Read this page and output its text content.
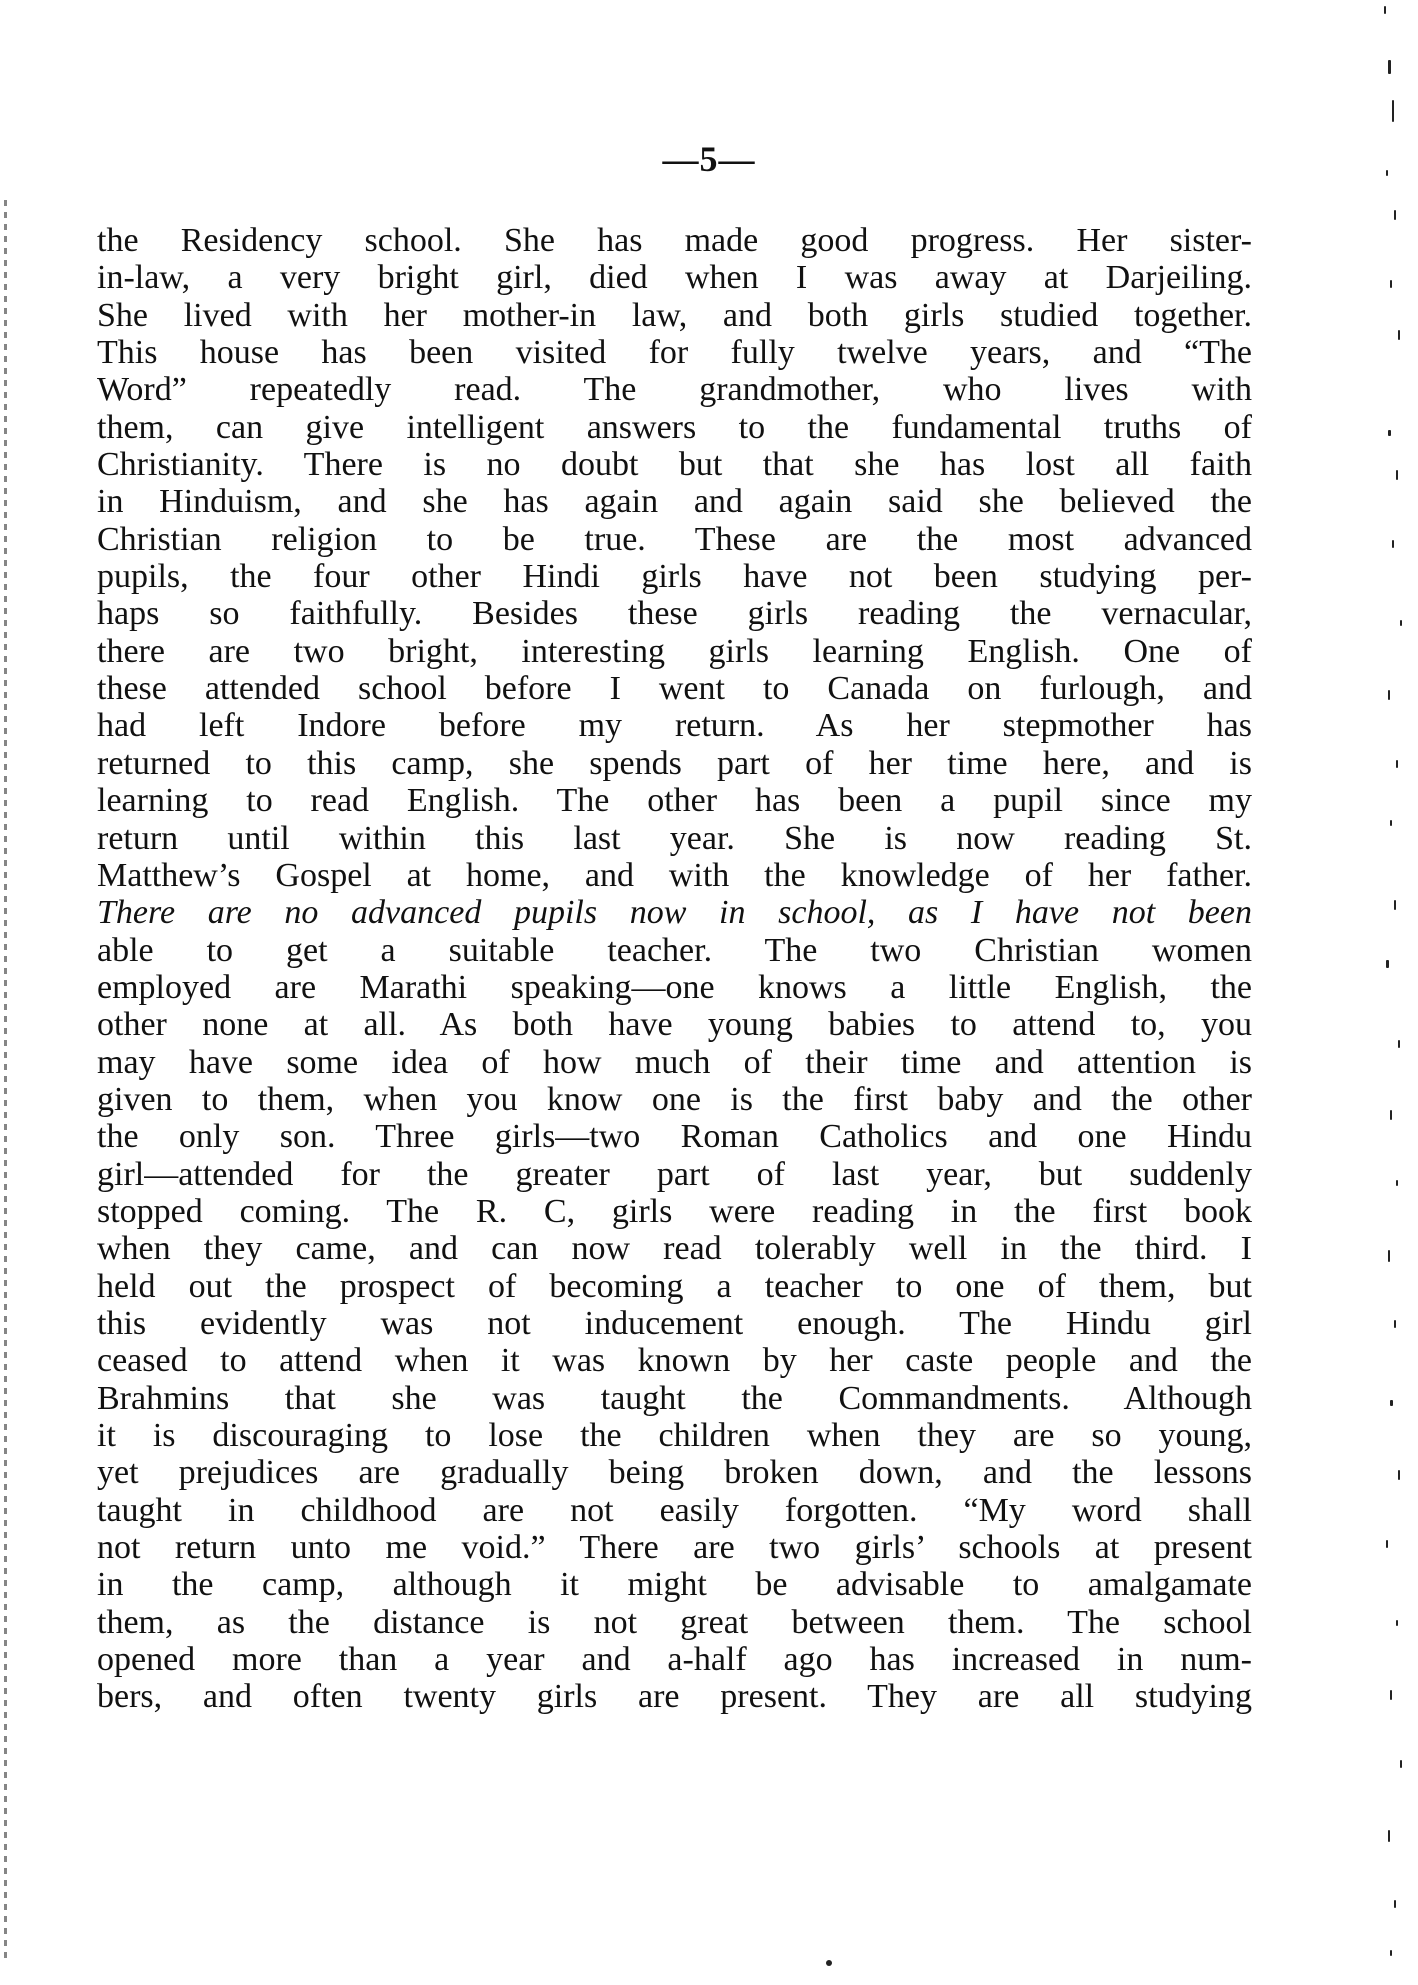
—5—
the Residency school. She has made good progress. Her sister-
in-law, a very bright girl, died when I was away at Darjeiling.
She lived with her mother-in law, and both girls studied together.
This house has been visited for fully twelve years, and “The
Word” repeatedly read. The grandmother, who lives with
them, can give intelligent answers to the fundamental truths of
Christianity. There is no doubt but that she has lost all faith
in Hinduism, and she has again and again said she believed the
Christian religion to be true. These are the most advanced
pupils, the four other Hindi girls have not been studying per-
haps so faithfully. Besides these girls reading the vernacular,
there are two bright, interesting girls learning English. One of
these attended school before I went to Canada on furlough, and
had left Indore before my return. As her stepmother has
returned to this camp, she spends part of her time here, and is
learning to read English. The other has been a pupil since my
return until within this last year. She is now reading St.
Matthew’s Gospel at home, and with the knowledge of her father.
There are no advanced pupils now in school, as I have not been
able to get a suitable teacher. The two Christian women
employed are Marathi speaking—one knows a little English, the
other none at all. As both have young babies to attend to, you
may have some idea of how much of their time and attention is
given to them, when you know one is the first baby and the other
the only son. Three girls—two Roman Catholics and one Hindu
girl—attended for the greater part of last year, but suddenly
stopped coming. The R. C, girls were reading in the first book
when they came, and can now read tolerably well in the third. I
held out the prospect of becoming a teacher to one of them, but
this evidently was not inducement enough. The Hindu girl
ceased to attend when it was known by her caste people and the
Brahmins that she was taught the Commandments. Although
it is discouraging to lose the children when they are so young,
yet prejudices are gradually being broken down, and the lessons
taught in childhood are not easily forgotten. “My word shall
not return unto me void.” There are two girls’ schools at present
in the camp, although it might be advisable to amalgamate
them, as the distance is not great between them. The school
opened more than a year and a-half ago has increased in num-
bers, and often twenty girls are present. They are all studying
